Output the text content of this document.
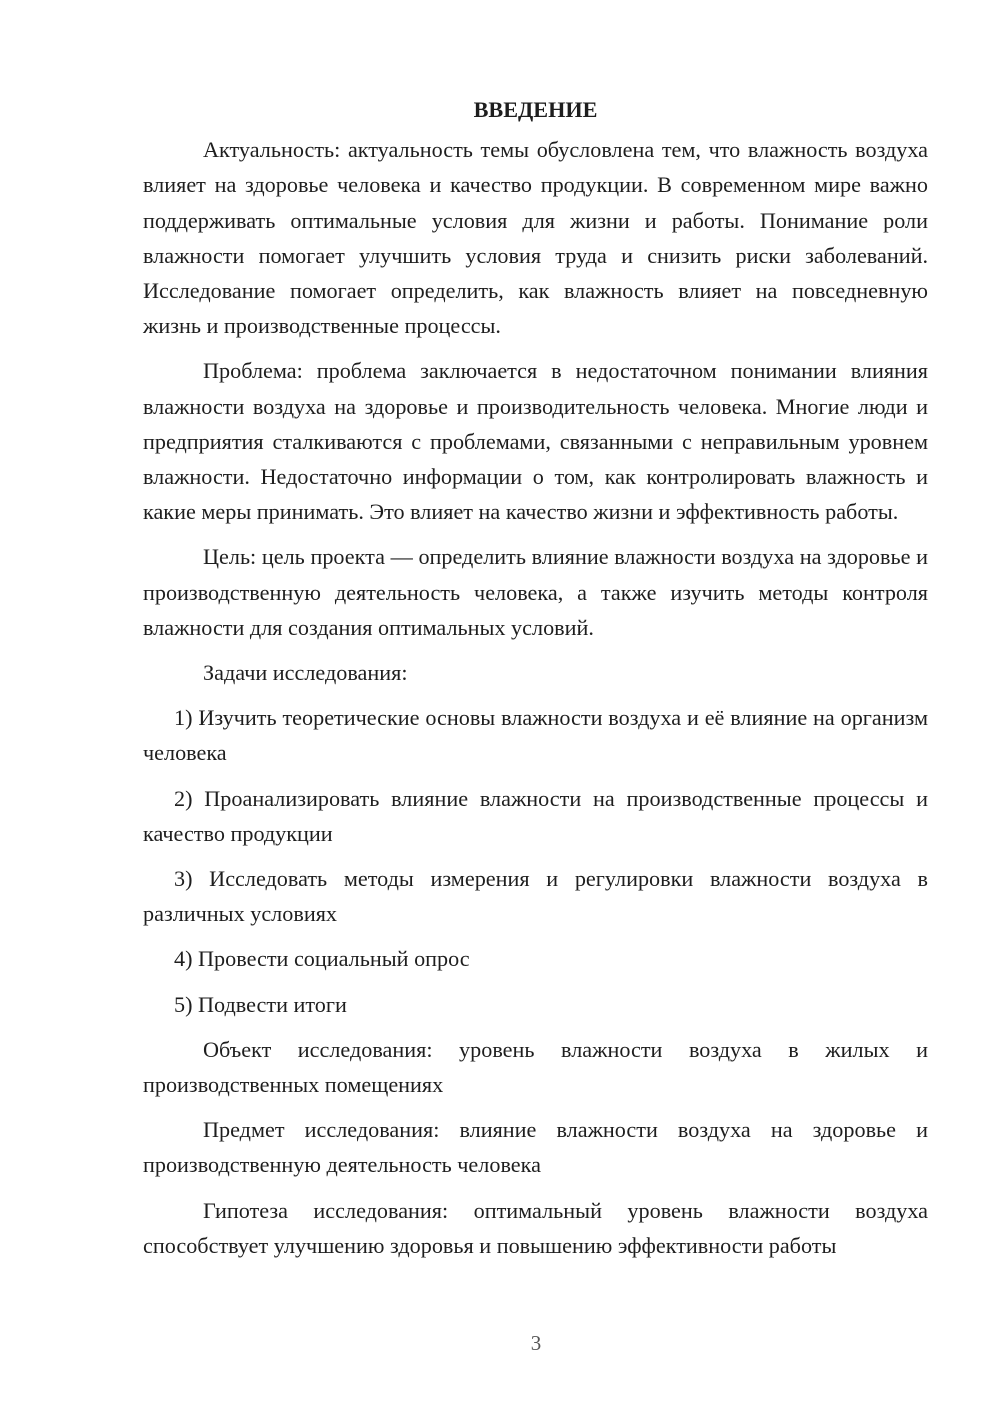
ВВЕДЕНИЕ

Актуальность: актуальность темы обусловлена тем, что влажность воздуха влияет на здоровье человека и качество продукции. В современном мире важно поддерживать оптимальные условия для жизни и работы. Понимание роли влажности помогает улучшить условия труда и снизить риски заболеваний. Исследование помогает определить, как влажность влияет на повседневную жизнь и производственные процессы.

Проблема: проблема заключается в недостаточном понимании влияния влажности воздуха на здоровье и производительность человека. Многие люди и предприятия сталкиваются с проблемами, связанными с неправильным уровнем влажности. Недостаточно информации о том, как контролировать влажность и какие меры принимать. Это влияет на качество жизни и эффективность работы.

Цель: цель проекта — определить влияние влажности воздуха на здоровье и производственную деятельность человека, а также изучить методы контроля влажности для создания оптимальных условий.

Задачи исследования:

1) Изучить теоретические основы влажности воздуха и её влияние на организм человека

2) Проанализировать влияние влажности на производственные процессы и качество продукции

3) Исследовать методы измерения и регулировки влажности воздуха в различных условиях

4) Провести социальный опрос

5) Подвести итоги

Объект исследования: уровень влажности воздуха в жилых и производственных помещениях

Предмет исследования: влияние влажности воздуха на здоровье и производственную деятельность человека

Гипотеза исследования: оптимальный уровень влажности воздуха способствует улучшению здоровья и повышению эффективности работы

3
